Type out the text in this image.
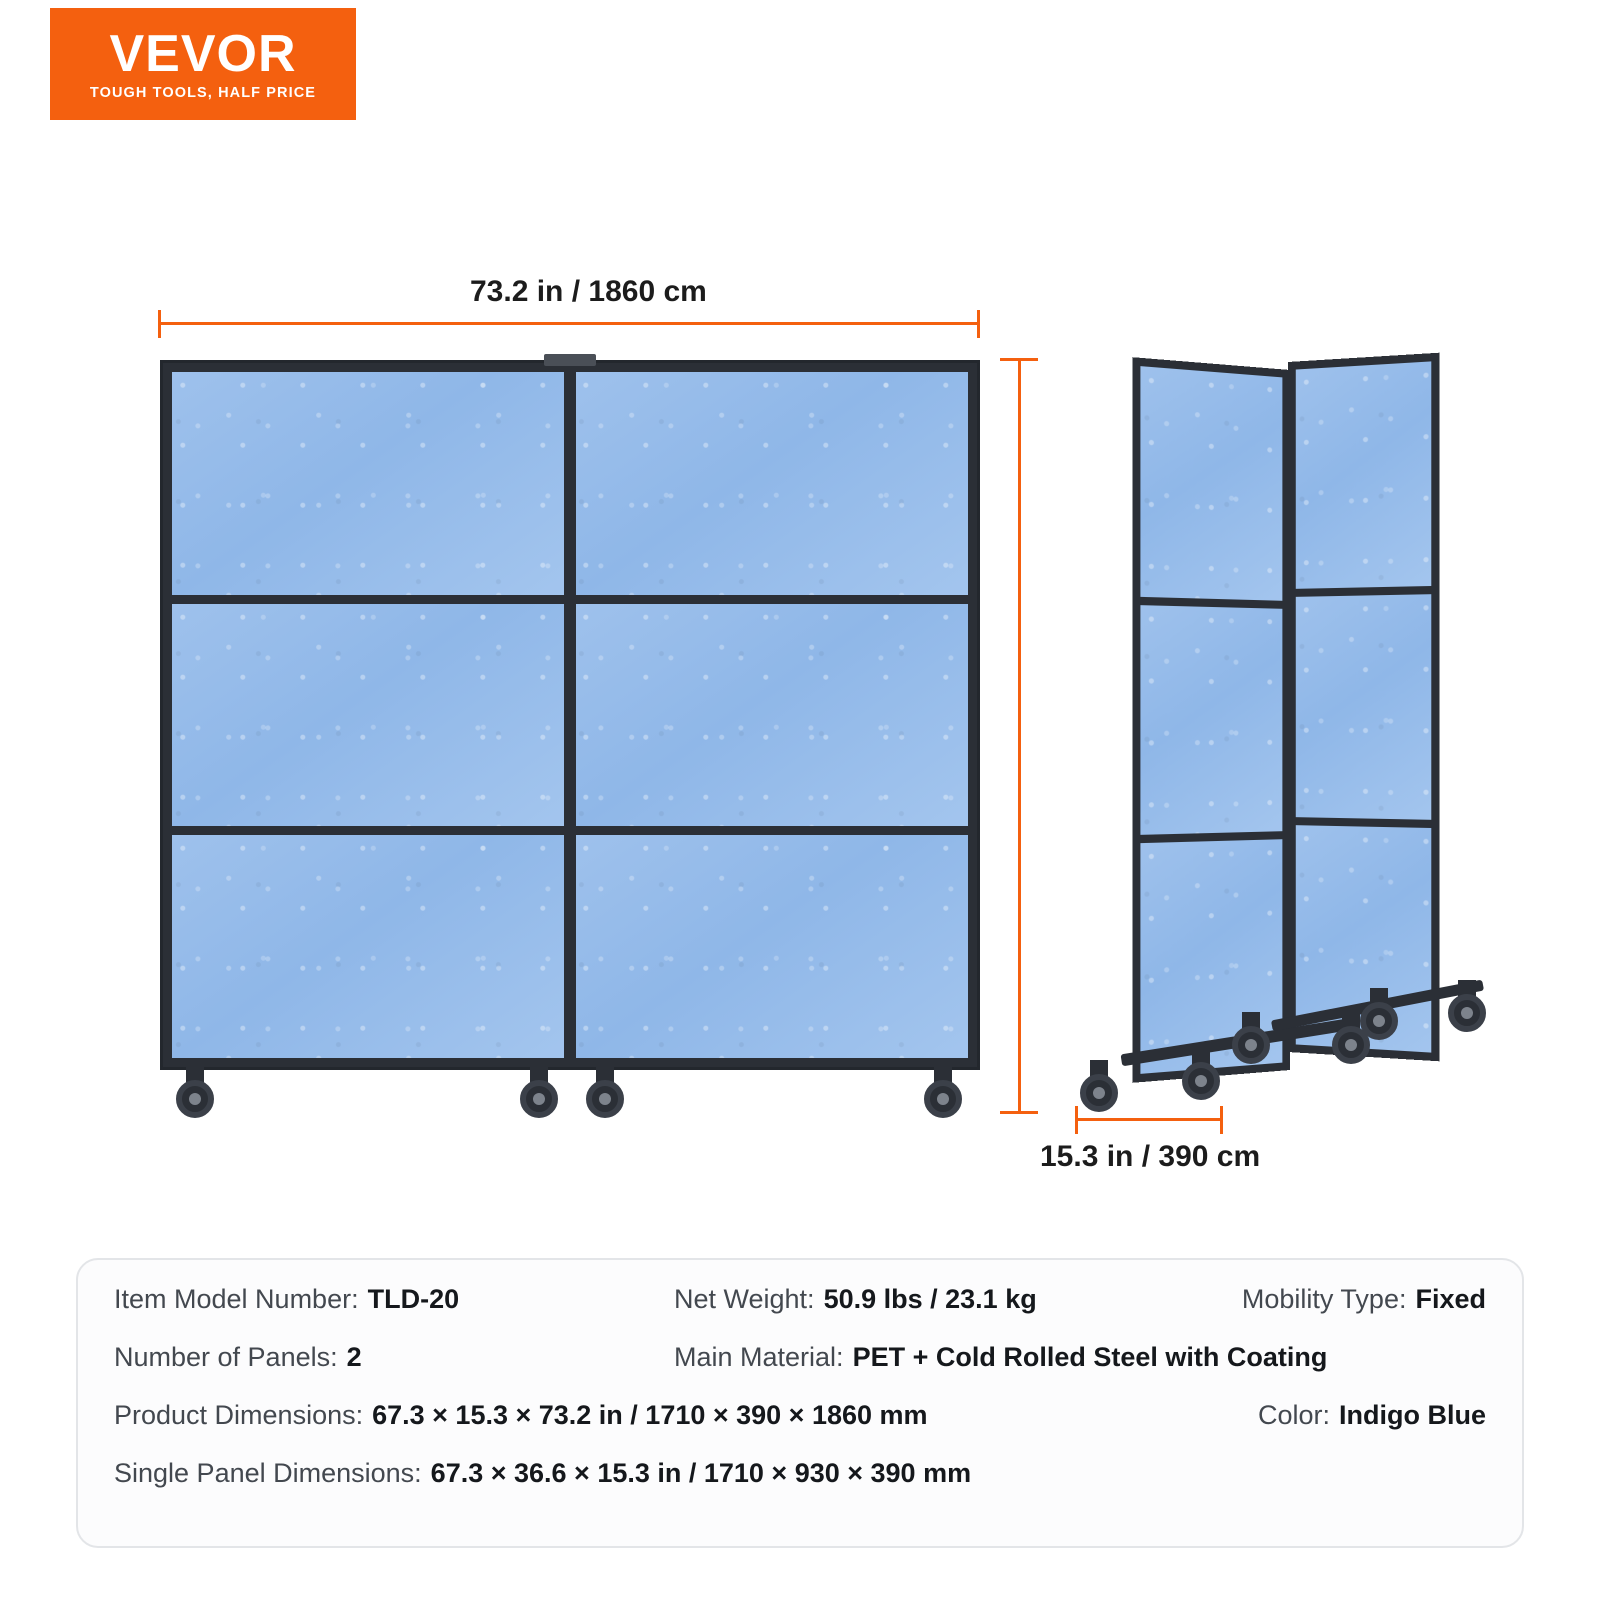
VEVOR
TOUGH TOOLS, HALF PRICE
73.2 in / 1860 cm
15.3 in / 390 cm
Item Model Number: TLD-20	Net Weight: 50.9 lbs / 23.1 kg	Mobility Type: Fixed
Number of Panels: 2	Main Material: PET + Cold Rolled Steel with Coating
Product Dimensions: 67.3 × 15.3 × 73.2 in / 1710 × 390 × 1860 mm	Color: Indigo Blue
Single Panel Dimensions: 67.3 × 36.6 × 15.3 in / 1710 × 930 × 390 mm
